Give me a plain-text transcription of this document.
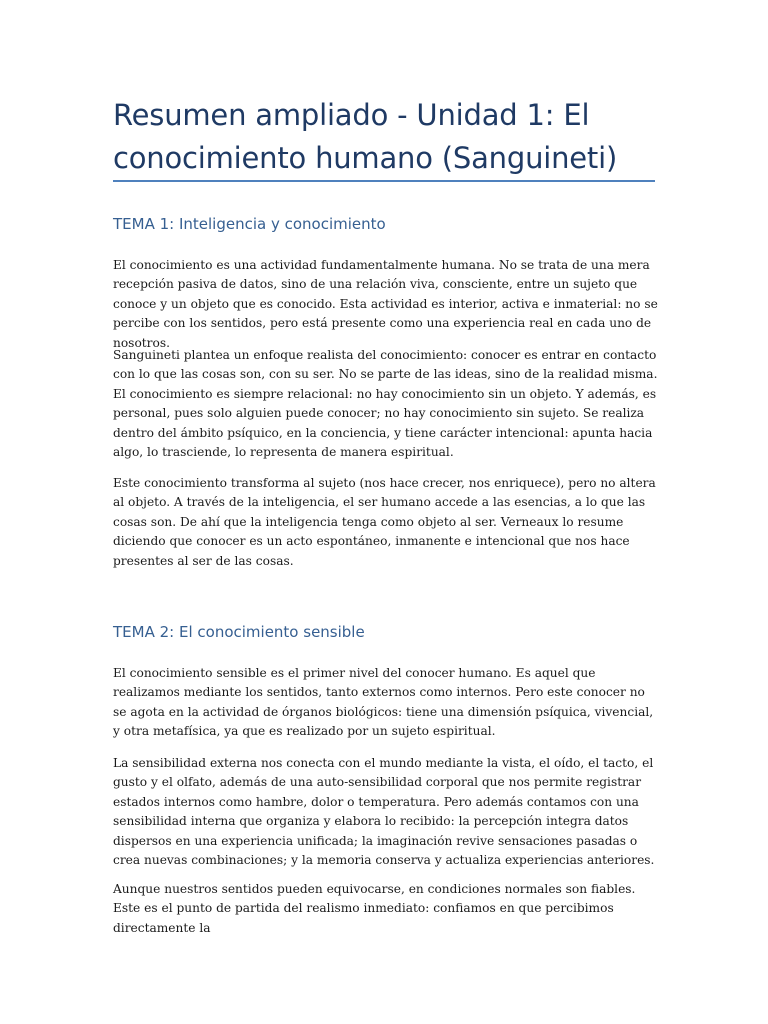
Resumen ampliado - Unidad 1: El conocimiento humano (Sanguineti)
TEMA 1: Inteligencia y conocimiento

El conocimiento es una actividad fundamentalmente humana. No se trata de una mera recepción pasiva de datos, sino de una relación viva, consciente, entre un sujeto que conoce y un objeto que es conocido. Esta actividad es interior, activa e inmaterial: no se percibe con los sentidos, pero está presente como una experiencia real en cada uno de nosotros.

Sanguineti plantea un enfoque realista del conocimiento: conocer es entrar en contacto con lo que las cosas son, con su ser. No se parte de las ideas, sino de la realidad misma. El conocimiento es siempre relacional: no hay conocimiento sin un objeto. Y además, es personal, pues solo alguien puede conocer; no hay conocimiento sin sujeto. Se realiza dentro del ámbito psíquico, en la conciencia, y tiene carácter intencional: apunta hacia algo, lo trasciende, lo representa de manera espiritual.

Este conocimiento transforma al sujeto (nos hace crecer, nos enriquece), pero no altera al objeto. A través de la inteligencia, el ser humano accede a las esencias, a lo que las cosas son. De ahí que la inteligencia tenga como objeto al ser. Verneaux lo resume diciendo que conocer es un acto espontáneo, inmanente e intencional que nos hace presentes al ser de las cosas.

TEMA 2: El conocimiento sensible

El conocimiento sensible es el primer nivel del conocer humano. Es aquel que realizamos mediante los sentidos, tanto externos como internos. Pero este conocer no se agota en la actividad de órganos biológicos: tiene una dimensión psíquica, vivencial, y otra metafísica, ya que es realizado por un sujeto espiritual.

La sensibilidad externa nos conecta con el mundo mediante la vista, el oído, el tacto, el gusto y el olfato, además de una auto-sensibilidad corporal que nos permite registrar estados internos como hambre, dolor o temperatura. Pero además contamos con una sensibilidad interna que organiza y elabora lo recibido: la percepción integra datos dispersos en una experiencia unificada; la imaginación revive sensaciones pasadas o crea nuevas combinaciones; y la memoria conserva y actualiza experiencias anteriores.

Aunque nuestros sentidos pueden equivocarse, en condiciones normales son fiables. Este es el punto de partida del realismo inmediato: confiamos en que percibimos directamente la
